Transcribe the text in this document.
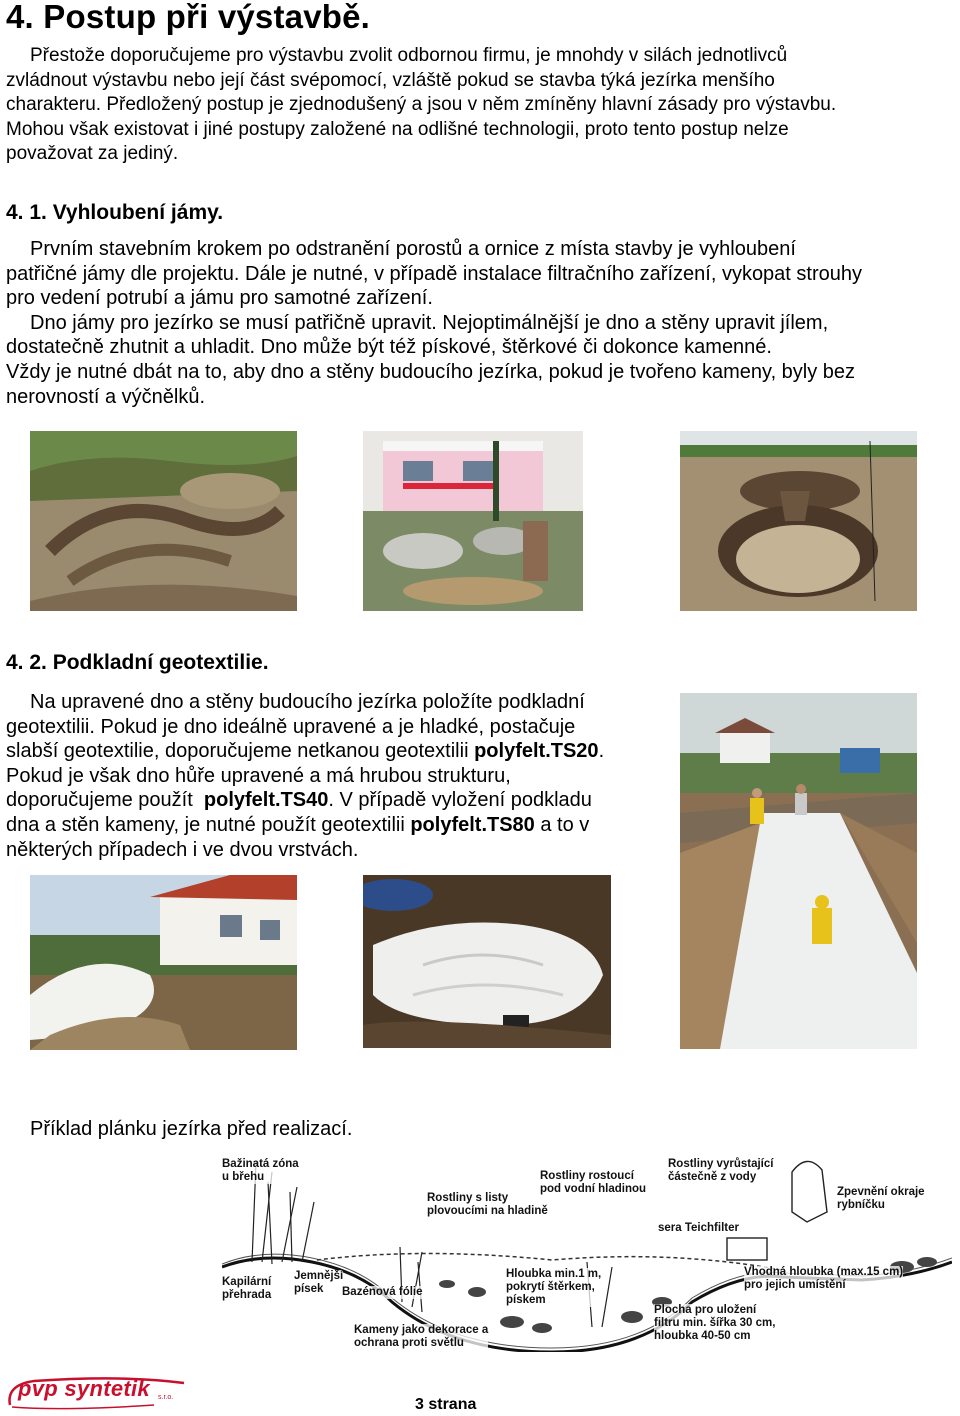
4. Postup při výstavbě.
Přestože doporučujeme pro výstavbu zvolit odbornou firmu, je mnohdy v silách jednotlivců
zvládnout výstavbu nebo její část svépomocí, vzláště pokud se stavba týká jezírka menšího
charakteru. Předložený postup je zjednodušený a jsou v něm zmíněny hlavní zásady pro výstavbu.
Mohou však existovat i jiné postupy založené na odlišné technologii, proto tento postup nelze
považovat za jediný.
4. 1. Vyhloubení jámy.
Prvním stavebním krokem po odstranění porostů a ornice z místa stavby je vyhloubení
patřičné jámy dle projektu. Dále je nutné, v případě instalace filtračního zařízení, vykopat strouhy
pro vedení potrubí a jámu pro samotné zařízení.
Dno jámy pro jezírko se musí patřičně upravit. Nejoptimálnější je dno a stěny upravit jílem,
dostatečně zhutnit a uhladit. Dno může být též pískové, štěrkové či dokonce kamenné.
Vždy je nutné dbát na to, aby dno a stěny budoucího jezírka, pokud je tvořeno kameny, byly bez
nerovností a výčnělků.
4. 2. Podkladní geotextilie.
Na upravené dno a stěny budoucího jezírka položíte podkladní
geotextilii. Pokud je dno ideálně upravené a je hladké, postačuje
slabší geotextilie, doporučujeme netkanou geotextilii polyfelt.TS20.
Pokud je však dno hůře upravené a má hrubou strukturu,
doporučujeme použít  polyfelt.TS40. V případě vyložení podkladu
dna a stěn kameny, je nutné použít geotextilii polyfelt.TS80 a to v
některých případech i ve dvou vrstvách.
Příklad plánku jezírka před realizací.
Bažinatá zóna
u břehu
Rostliny s listy
plovoucími na hladině
Rostliny rostoucí
pod vodní hladinou
Rostliny vyrůstající
částečně z vody
Zpevnění okraje
rybníčku
sera Teichfilter
Kapilární
přehrada
Jemnější
písek	Bazénová fólie
Hloubka min.1 m,
pokrytí štěrkem,
pískem
Vhodná hloubka (max.15 cm)
pro jejich umístění
Plocha pro uložení
filtru min. šířka 30 cm,
hloubka 40-50 cm
Kameny jako dekorace a
ochrana proti světlu
pvp syntetik s.r.o.	3 strana
